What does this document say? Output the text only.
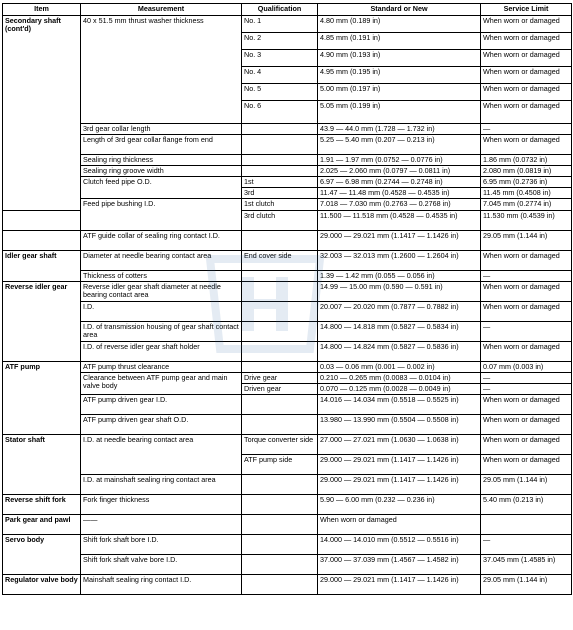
Item	Measurement	Qualification	Standard or New	Service Limit
Secondary shaft (cont'd)	40 x 51.5 mm thrust washer thickness	No. 1	4.80 mm (0.189 in)	When worn or damaged
		No. 2	4.85 mm (0.191 in)	When worn or damaged
		No. 3	4.90 mm (0.193 in)	When worn or damaged
		No. 4	4.95 mm (0.195 in)	When worn or damaged
		No. 5	5.00 mm (0.197 in)	When worn or damaged
		No. 6	5.05 mm (0.199 in)	When worn or damaged
	3rd gear collar length		43.9 — 44.0 mm (1.728 — 1.732 in)	—
	Length of 3rd gear collar flange from end		5.25 — 5.40 mm (0.207 — 0.213 in)	When worn or damaged
	Sealing ring thickness		1.91 — 1.97 mm (0.0752 — 0.0776 in)	1.86 mm (0.0732 in)
	Sealing ring groove width		2.025 — 2.060 mm (0.0797 — 0.0811 in)	2.080 mm (0.0819 in)
	Clutch feed pipe O.D.	1st	6.97 — 6.98 mm (0.2744 — 0.2748 in)	6.95 mm (0.2736 in)
		3rd	11.47 — 11.48 mm (0.4528 — 0.4535 in)	11.45 mm (0.4508 in)
	Feed pipe bushing I.D.	1st clutch	7.018 — 7.030 mm (0.2763 — 0.2768 in)	7.045 mm (0.2774 in)
		3rd clutch	11.500 — 11.518 mm (0.4528 — 0.4535 in)	11.530 mm (0.4539 in)
	ATF guide collar of sealing ring contact I.D.		29.000 — 29.021 mm (1.1417 — 1.1426 in)	29.05 mm (1.144 in)
Idler gear shaft	Diameter at needle bearing contact area	End cover side	32.003 — 32.013 mm (1.2600 — 1.2604 in)	When worn or damaged
	Thickness of cotters		1.39 — 1.42 mm (0.055 — 0.056 in)	—
Reverse idler gear	Reverse idler gear shaft diameter at needle bearing contact area		14.99 — 15.00 mm (0.590 — 0.591 in)	When worn or damaged
	I.D.		20.007 — 20.020 mm (0.7877 — 0.7882 in)	When worn or damaged
	I.D. of transmission housing of gear shaft contact area		14.800 — 14.818 mm (0.5827 — 0.5834 in)	—
	I.D. of reverse idler gear shaft holder		14.800 — 14.824 mm (0.5827 — 0.5836 in)	When worn or damaged
ATF pump	ATF pump thrust clearance		0.03 — 0.06 mm (0.001 — 0.002 in)	0.07 mm (0.003 in)
	Clearance between ATF pump gear and main valve body	Drive gear	0.210 — 0.265 mm (0.0083 — 0.0104 in)	—
		Driven gear	0.070 — 0.125 mm (0.0028 — 0.0049 in)	—
	ATF pump driven gear I.D.		14.016 — 14.034 mm (0.5518 — 0.5525 in)	When worn or damaged
	ATF pump driven gear shaft O.D.		13.980 — 13.990 mm (0.5504 — 0.5508 in)	When worn or damaged
Stator shaft	I.D. at needle bearing contact area	Torque converter side	27.000 — 27.021 mm (1.0630 — 1.0638 in)	When worn or damaged
		ATF pump side	29.000 — 29.021 mm (1.1417 — 1.1426 in)	When worn or damaged
	I.D. at mainshaft sealing ring contact area		29.000 — 29.021 mm (1.1417 — 1.1426 in)	29.05 mm (1.144 in)
Reverse shift fork	Fork finger thickness		5.90 — 6.00 mm (0.232 — 0.236 in)	5.40 mm (0.213 in)
Park gear and pawl	——		When worn or damaged	
Servo body	Shift fork shaft bore I.D.		14.000 — 14.010 mm (0.5512 — 0.5516 in)	—
	Shift fork shaft valve bore I.D.		37.000 — 37.039 mm (1.4567 — 1.4582 in)	37.045 mm (1.4585 in)
Regulator valve body	Mainshaft sealing ring contact I.D.		29.000 — 29.021 mm (1.1417 — 1.1426 in)	29.05 mm (1.144 in)
